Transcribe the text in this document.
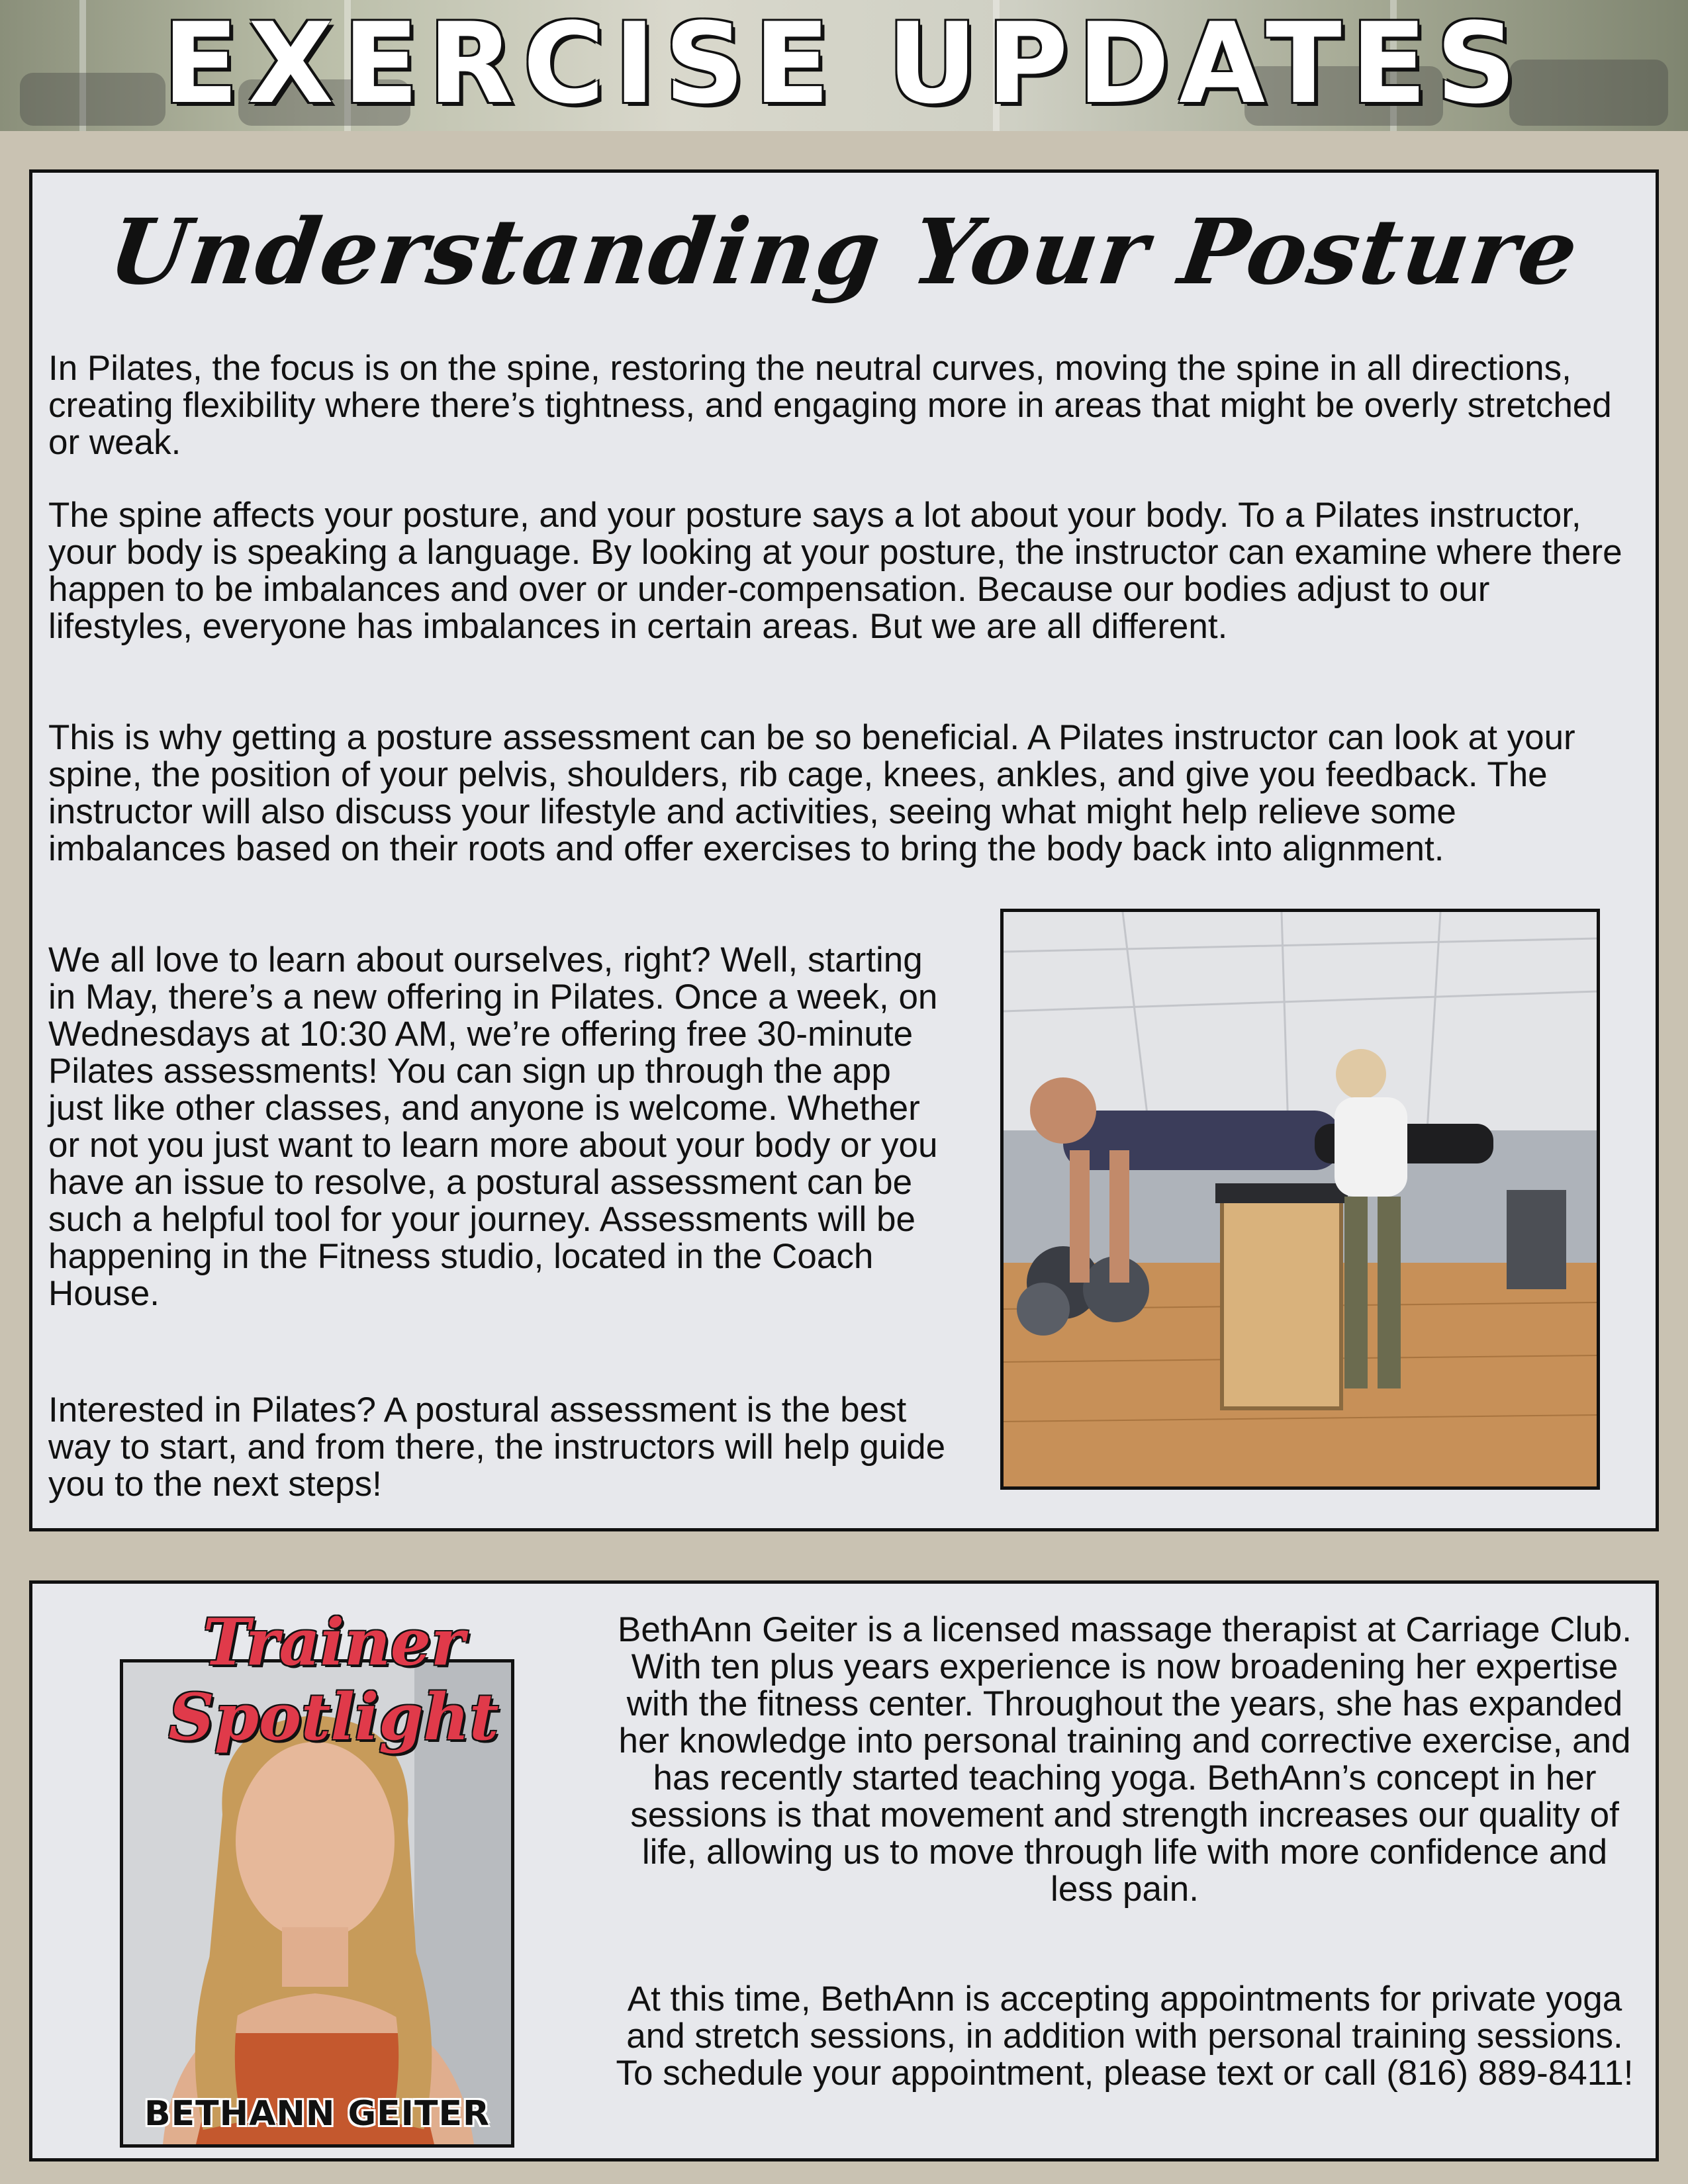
EXERCISE UPDATES
Understanding Your Posture

In Pilates, the focus is on the spine, restoring the neutral curves, moving the spine in all directions, creating flexibility where there’s tightness, and engaging more in areas that might be overly stretched or weak.

The spine affects your posture, and your posture says a lot about your body. To a Pilates instructor, your body is speaking a language. By looking at your posture, the instructor can examine where there happen to be imbalances and over or under-compensation. Because our bodies adjust to our lifestyles, everyone has imbalances in certain areas. But we are all different.

This is why getting a posture assessment can be so beneficial. A Pilates instructor can look at your spine, the position of your pelvis, shoulders, rib cage, knees, ankles, and give you feedback. The instructor will also discuss your lifestyle and activities, seeing what might help relieve some imbalances based on their roots and offer exercises to bring the body back into alignment.

We all love to learn about ourselves, right? Well, starting in May, there’s a new offering in Pilates. Once a week, on Wednesdays at 10:30 AM, we’re offering free 30-minute Pilates assessments! You can sign up through the app just like other classes, and anyone is welcome. Whether or not you just want to learn more about your body or you have an issue to resolve, a postural assessment can be such a helpful tool for your journey. Assessments will be happening in the Fitness studio, located in the Coach House.

Interested in Pilates? A postural assessment is the best way to start, and from there, the instructors will help guide you to the next steps!

Trainer Spotlight
BETHANN GEITER
BethAnn Geiter is a licensed massage therapist at Carriage Club. With ten plus years experience is now broadening her expertise with the fitness center. Throughout the years, she has expanded her knowledge into personal training and corrective exercise, and has recently started teaching yoga. BethAnn’s concept in her sessions is that movement and strength increases our quality of life, allowing us to move through life with more confidence and less pain.
At this time, BethAnn is accepting appointments for private yoga and stretch sessions, in addition with personal training sessions. To schedule your appointment, please text or call (816) 889-8411!
